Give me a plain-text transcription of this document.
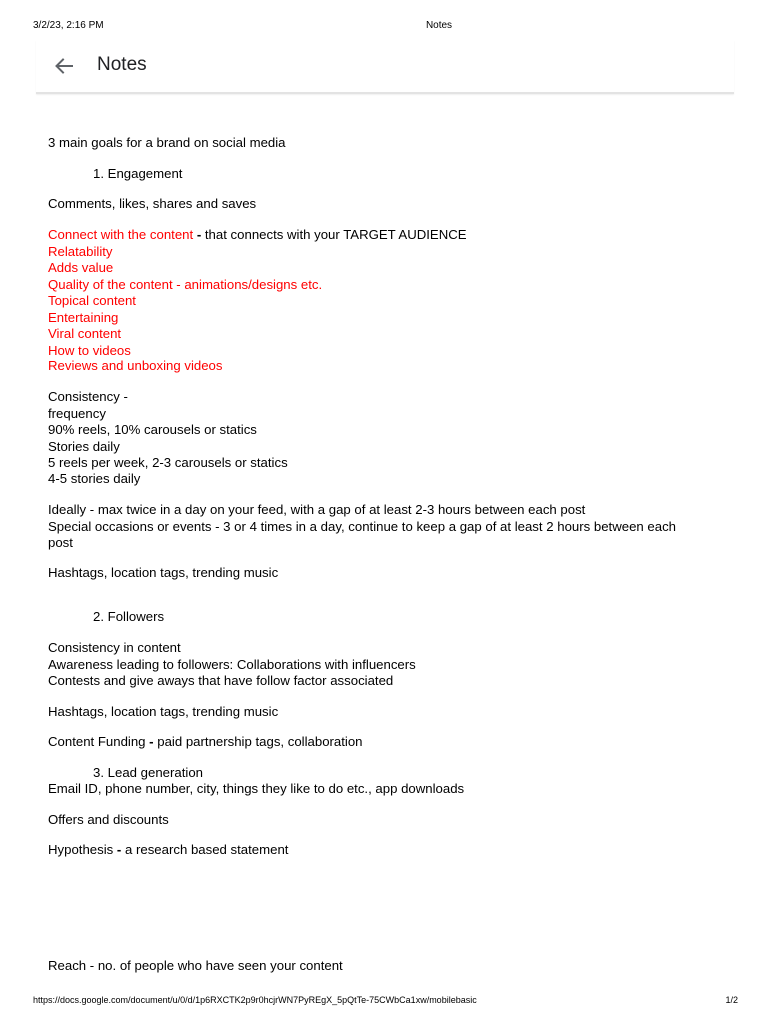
3/2/23, 2:16 PM	Notes
Notes
3 main goals for a brand on social media
1. Engagement
Comments, likes, shares and saves
Connect with the content - that connects with your TARGET AUDIENCE
Relatability
Adds value
Quality of the content - animations/designs etc.
Topical content
Entertaining
Viral content
How to videos
Reviews and unboxing videos
Consistency -
frequency
90% reels, 10% carousels or statics
Stories daily
5 reels per week, 2-3 carousels or statics
4-5 stories daily
Ideally - max twice in a day on your feed, with a gap of at least 2-3 hours between each post
Special occasions or events - 3 or 4 times in a day, continue to keep a gap of at least 2 hours between each
post
Hashtags, location tags, trending music
2. Followers
Consistency in content
Awareness leading to followers: Collaborations with influencers
Contests and give aways that have follow factor associated
Hashtags, location tags, trending music
Content Funding - paid partnership tags, collaboration
3. Lead generation
Email ID, phone number, city, things they like to do etc., app downloads
Offers and discounts
Hypothesis - a research based statement
Reach - no. of people who have seen your content
https://docs.google.com/document/u/0/d/1p6RXCTK2p9r0hcjrWN7PyREgX_5pQtTe-75CWbCa1xw/mobilebasic	1/2
